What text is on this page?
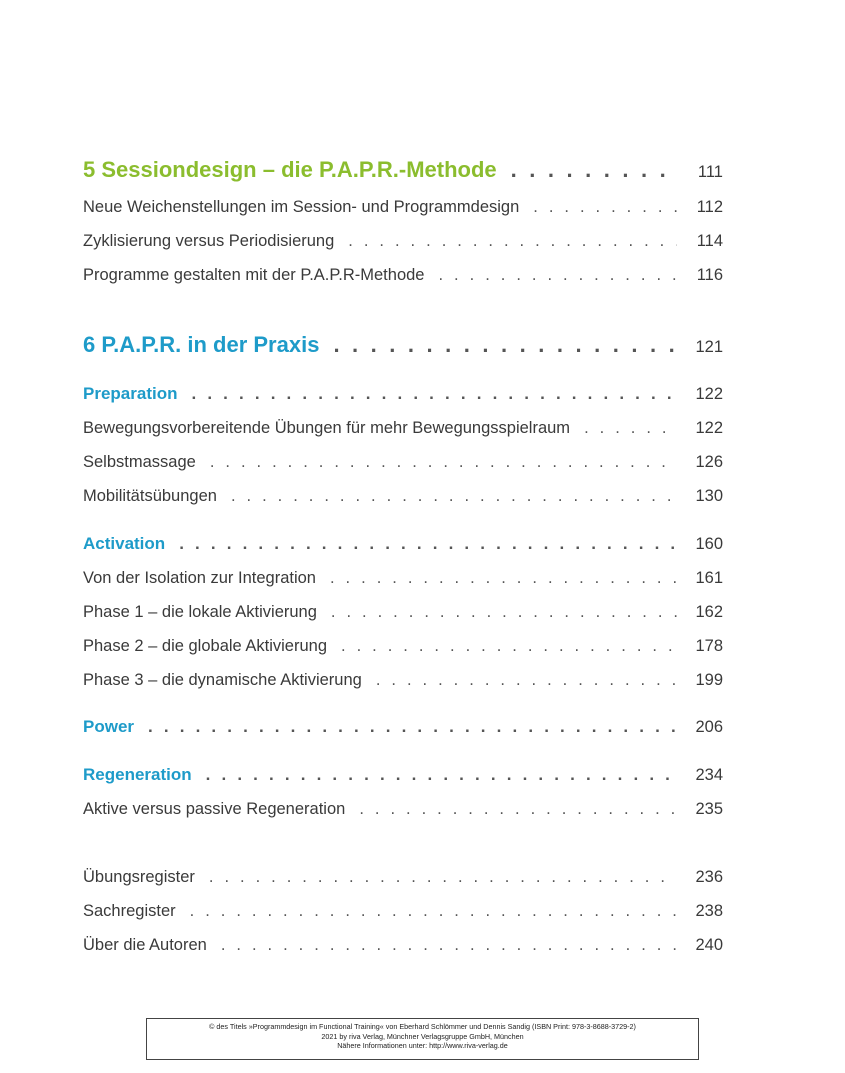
5 Sessiondesign – die P.A.P.R.-Methode . . .	111
Neue Weichenstellungen im Session- und Programmdesign . . .	112
Zyklisierung versus Periodisierung . . .	114
Programme gestalten mit der P.A.P.R-Methode . . .	116
6 P.A.P.R. in der Praxis . . .	121
Preparation . . .	122
Bewegungsvorbereitende Übungen für mehr Bewegungsspielraum . . .	122
Selbstmassage . . .	126
Mobilitätsübungen . . .	130
Activation . . .	160
Von der Isolation zur Integration . . .	161
Phase 1 – die lokale Aktivierung . . .	162
Phase 2 – die globale Aktivierung . . .	178
Phase 3 – die dynamische Aktivierung . . .	199
Power . . .	206
Regeneration . . .	234
Aktive versus passive Regeneration . . .	235
Übungsregister . . .	236
Sachregister . . .	238
Über die Autoren . . .	240
© des Titels »Programmdesign im Functional Training« von Eberhard Schlömmer und Dennis Sandig (ISBN Print: 978-3-8688-3729-2)
2021 by riva Verlag, Münchner Verlagsgruppe GmbH, München
Nähere Informationen unter: http://www.riva-verlag.de
